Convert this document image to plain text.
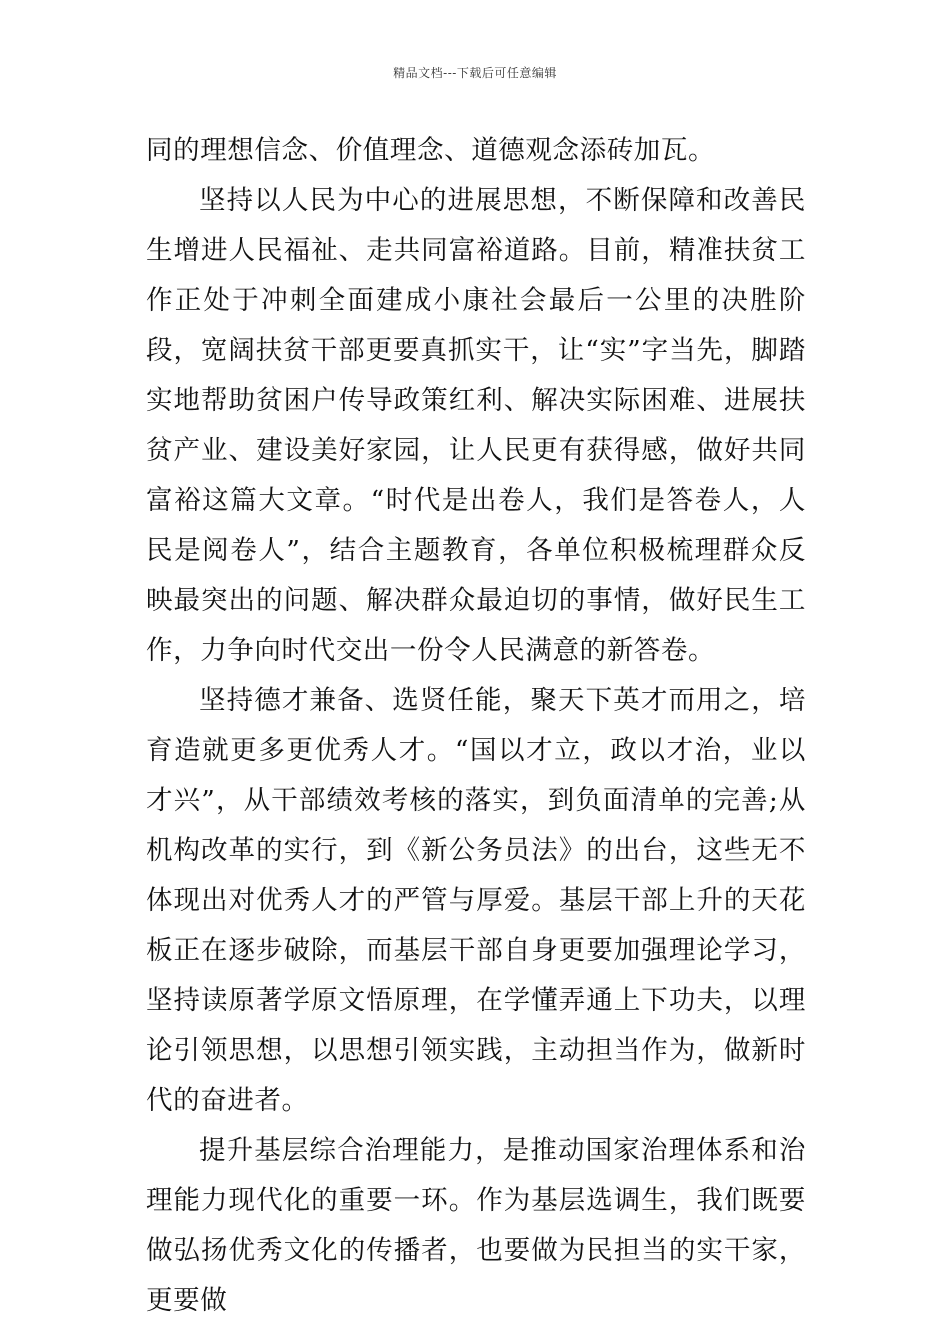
精品文档---下载后可任意编辑

同的理想信念、价值理念、道德观念添砖加瓦。

坚持以人民为中心的进展思想，不断保障和改善民生增进人民福祉、走共同富裕道路。目前，精准扶贫工作正处于冲刺全面建成小康社会最后一公里的决胜阶段，宽阔扶贫干部更要真抓实干，让“实”字当先，脚踏实地帮助贫困户传导政策红利、解决实际困难、进展扶贫产业、建设美好家园，让人民更有获得感，做好共同富裕这篇大文章。“时代是出卷人，我们是答卷人，人民是阅卷人”，结合主题教育，各单位积极梳理群众反映最突出的问题、解决群众最迫切的事情，做好民生工作，力争向时代交出一份令人民满意的新答卷。

坚持德才兼备、选贤任能，聚天下英才而用之，培育造就更多更优秀人才。“国以才立，政以才治，业以才兴”，从干部绩效考核的落实，到负面清单的完善;从机构改革的实行，到《新公务员法》的出台，这些无不体现出对优秀人才的严管与厚爱。基层干部上升的天花板正在逐步破除，而基层干部自身更要加强理论学习，坚持读原著学原文悟原理，在学懂弄通上下功夫，以理论引领思想，以思想引领实践，主动担当作为，做新时代的奋进者。

提升基层综合治理能力，是推动国家治理体系和治理能力现代化的重要一环。作为基层选调生，我们既要做弘扬优秀文化的传播者，也要做为民担当的实干家，更要做
